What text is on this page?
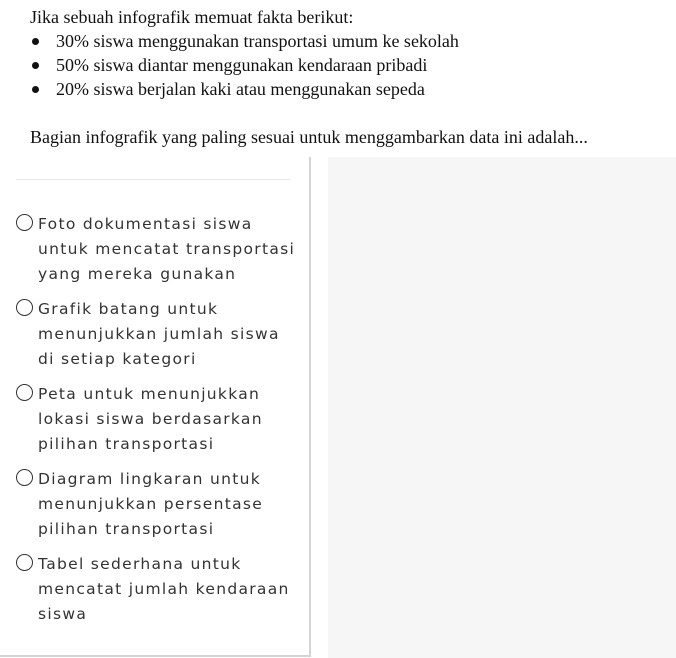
Jika sebuah infografik memuat fakta berikut:
30% siswa menggunakan transportasi umum ke sekolah
50% siswa diantar menggunakan kendaraan pribadi
20% siswa berjalan kaki atau menggunakan sepeda
Bagian infografik yang paling sesuai untuk menggambarkan data ini adalah...
Foto dokumentasi siswa
untuk mencatat transportasi
yang mereka gunakan
Grafik batang untuk
menunjukkan jumlah siswa
di setiap kategori
Peta untuk menunjukkan
lokasi siswa berdasarkan
pilihan transportasi
Diagram lingkaran untuk
menunjukkan persentase
pilihan transportasi
Tabel sederhana untuk
mencatat jumlah kendaraan
siswa
